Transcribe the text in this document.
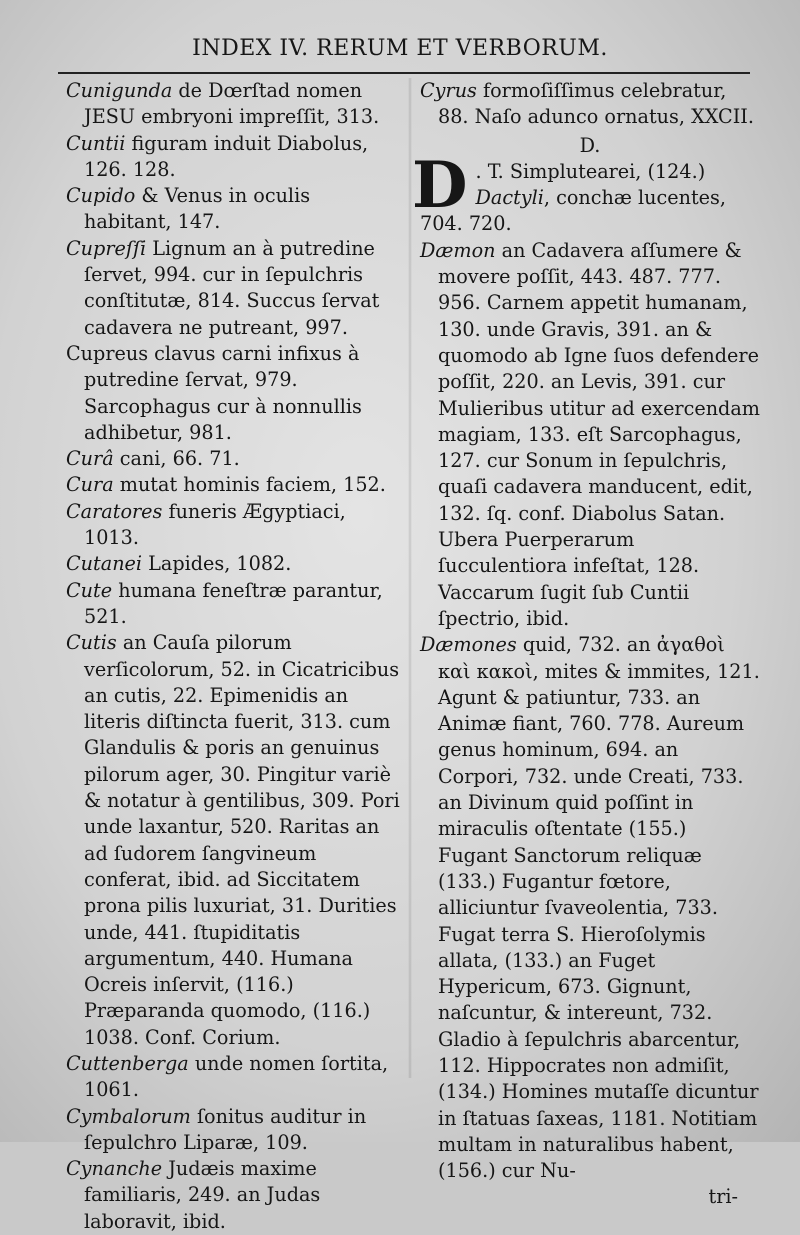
INDEX IV. RERUM ET VERBORUM.

Cunigunda de Dœrſtad nomen JESU embryoni impreſſit, 313.

Cuntii figuram induit Diabolus, 126. 128.

Cupido & Venus in oculis habitant, 147.

Cupreſſi Lignum an à putredine ſervet, 994. cur in ſepulchris conſtitutæ, 814. Succus ſervat cadavera ne putreant, 997.

Cupreus clavus carni infixus à putredine ſervat, 979. Sarcophagus cur à nonnullis adhibetur, 981.

Curâ cani, 66. 71.

Cura mutat hominis faciem, 152.

Caratores funeris Ægyptiaci, 1013.

Cutanei Lapides, 1082.

Cute humana feneſtræ parantur, 521.

Cutis an Cauſa pilorum verſicolorum, 52. in Cicatricibus an cutis, 22. Epimenidis an literis diſtincta fuerit, 313. cum Glandulis & poris an genuinus pilorum ager, 30. Pingitur variè & notatur à gentilibus, 309. Pori unde laxantur, 520. Raritas an ad ſudorem ſangvineum conferat, ibid. ad Siccitatem prona pilis luxuriat, 31. Durities unde, 441. ſtupiditatis argumentum, 440. Humana Ocreis inſervit, (116.) Præparanda quomodo, (116.) 1038. Conf. Corium.

Cuttenberga unde nomen ſortita, 1061.

Cymbalorum ſonitus auditur in ſepulchro Liparæ, 109.

Cynanche Judæis maxime familiaris, 249. an Judas laboravit, ibid.

Cyrus formoſiſſimus celebratur, 88. Naſo adunco ornatus, XXCII.

D.

D . T. Simplutearei, (124.)

Dactyli, conchæ lucentes, 704. 720.

Dæmon an Cadavera aſſumere & movere poſſit, 443. 487. 777. 956. Carnem appetit humanam, 130. unde Gravis, 391. an & quomodo ab Igne ſuos defendere poſſit, 220. an Levis, 391. cur Mulieribus utitur ad exercendam magiam, 133. eſt Sarcophagus, 127. cur Sonum in ſepulchris, quaſi cadavera manducent, edit, 132. ſq. conf. Diabolus Satan. Ubera Puerperarum ſucculentiora infeſtat, 128. Vaccarum ſugit ſub Cuntii ſpectrio, ibid.

Dæmones quid, 732. an ἀγαθοὶ καὶ κακοὶ, mites & immites, 121. Agunt & patiuntur, 733. an Animæ fiant, 760. 778. Aureum genus hominum, 694. an Corpori, 732. unde Creati, 733. an Divinum quid poſſint in miraculis oſtentate (155.) Fugant Sanctorum reliquæ (133.) Fugantur fœtore, alliciuntur ſvaveolentia, 733. Fugat terra S. Hieroſolymis allata, (133.) an Fuget Hypericum, 673. Gignunt, naſcuntur, & intereunt, 732. Gladio à ſepulchris abarcentur, 112. Hippocrates non admiſit, (134.) Homines mutaſſe dicuntur in ſtatuas ſaxeas, 1181. Notitiam multam in naturalibus habent, (156.) cur Nu-

tri-
